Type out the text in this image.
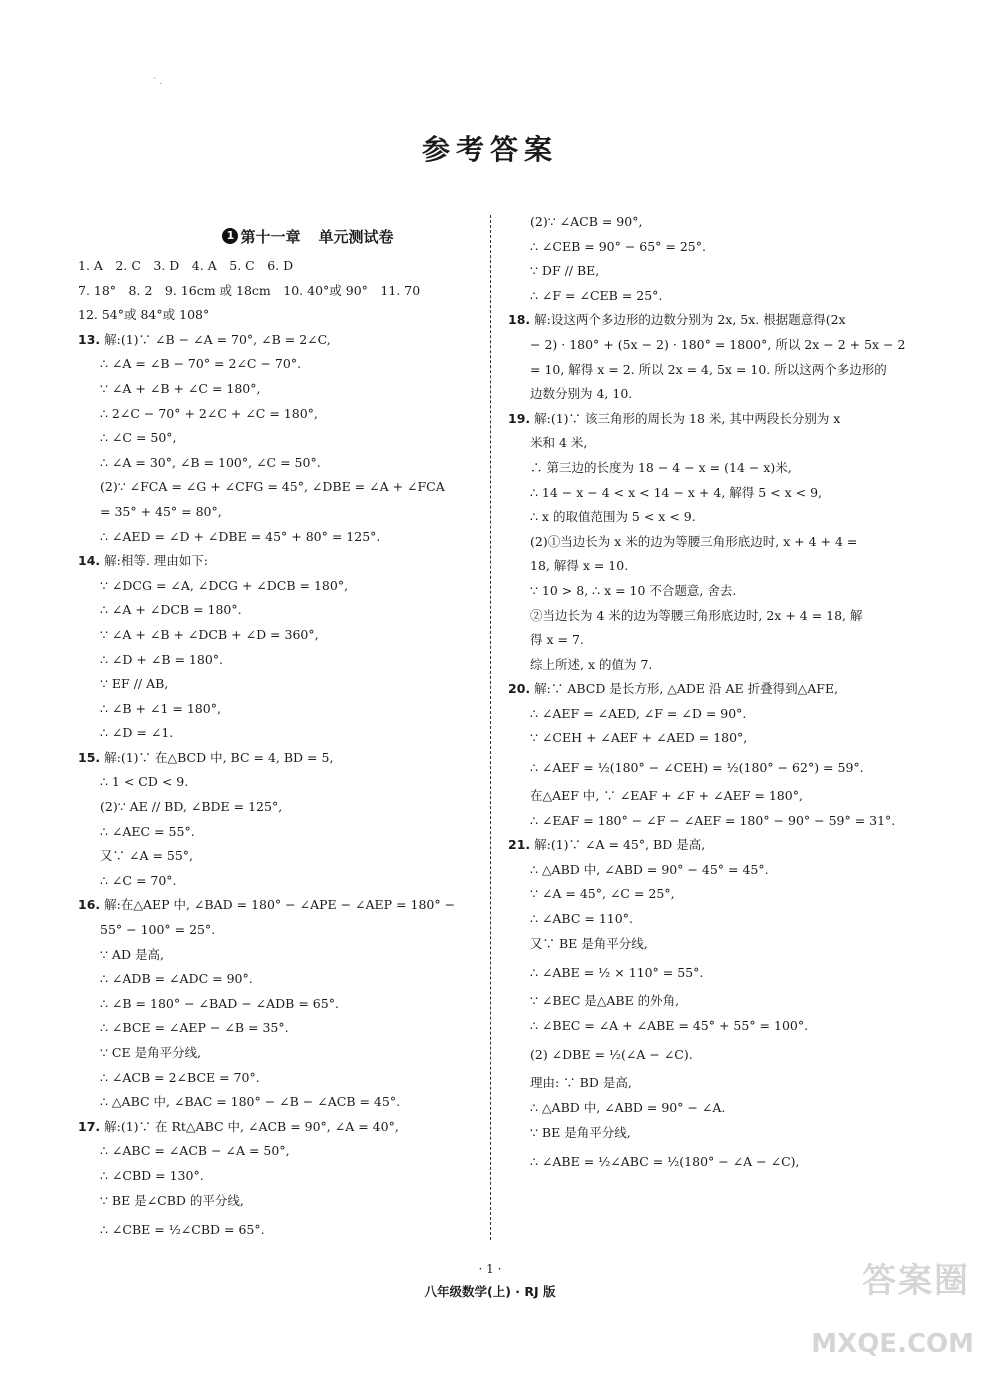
` .
参考答案
1 第十一章 单元测试卷
1. A　2. C　3. D　4. A　5. C　6. D
7. 18°　8. 2　9. 16cm 或 18cm　10. 40°或 90°　11. 70
12. 54°或 84°或 108°
13. 解:(1)∵ ∠B − ∠A = 70°, ∠B = 2∠C,
∴ ∠A = ∠B − 70° = 2∠C − 70°.
∵ ∠A + ∠B + ∠C = 180°,
∴ 2∠C − 70° + 2∠C + ∠C = 180°,
∴ ∠C = 50°,
∴ ∠A = 30°, ∠B = 100°, ∠C = 50°.
(2)∵ ∠FCA = ∠G + ∠CFG = 45°, ∠DBE = ∠A + ∠FCA
= 35° + 45° = 80°,
∴ ∠AED = ∠D + ∠DBE = 45° + 80° = 125°.
14. 解:相等. 理由如下:
∵ ∠DCG = ∠A, ∠DCG + ∠DCB = 180°,
∴ ∠A + ∠DCB = 180°.
∵ ∠A + ∠B + ∠DCB + ∠D = 360°,
∴ ∠D + ∠B = 180°.
∵ EF // AB,
∴ ∠B + ∠1 = 180°,
∴ ∠D = ∠1.
15. 解:(1)∵ 在△BCD 中, BC = 4, BD = 5,
∴ 1 < CD < 9.
(2)∵ AE // BD, ∠BDE = 125°,
∴ ∠AEC = 55°.
又∵ ∠A = 55°,
∴ ∠C = 70°.
16. 解:在△AEP 中, ∠BAD = 180° − ∠APE − ∠AEP = 180° −
55° − 100° = 25°.
∵ AD 是高,
∴ ∠ADB = ∠ADC = 90°.
∴ ∠B = 180° − ∠BAD − ∠ADB = 65°.
∴ ∠BCE = ∠AEP − ∠B = 35°.
∵ CE 是角平分线,
∴ ∠ACB = 2∠BCE = 70°.
∴ △ABC 中, ∠BAC = 180° − ∠B − ∠ACB = 45°.
17. 解:(1)∵ 在 Rt△ABC 中, ∠ACB = 90°, ∠A = 40°,
∴ ∠ABC = ∠ACB − ∠A = 50°,
∴ ∠CBD = 130°.
∵ BE 是∠CBD 的平分线,
∴ ∠CBE = ½∠CBD = 65°.
(2)∵ ∠ACB = 90°,
∴ ∠CEB = 90° − 65° = 25°.
∵ DF // BE,
∴ ∠F = ∠CEB = 25°.
18. 解:设这两个多边形的边数分别为 2x, 5x. 根据题意得(2x
− 2) · 180° + (5x − 2) · 180° = 1800°, 所以 2x − 2 + 5x − 2
= 10, 解得 x = 2. 所以 2x = 4, 5x = 10. 所以这两个多边形的
边数分别为 4, 10.
19. 解:(1)∵ 该三角形的周长为 18 米, 其中两段长分别为 x
米和 4 米,
∴ 第三边的长度为 18 − 4 − x = (14 − x)米,
∴ 14 − x − 4 < x < 14 − x + 4, 解得 5 < x < 9,
∴ x 的取值范围为 5 < x < 9.
(2)①当边长为 x 米的边为等腰三角形底边时, x + 4 + 4 =
18, 解得 x = 10.
∵ 10 > 8, ∴ x = 10 不合题意, 舍去.
②当边长为 4 米的边为等腰三角形底边时, 2x + 4 = 18, 解
得 x = 7.
综上所述, x 的值为 7.
20. 解:∵ ABCD 是长方形, △ADE 沿 AE 折叠得到△AFE,
∴ ∠AEF = ∠AED, ∠F = ∠D = 90°.
∵ ∠CEH + ∠AEF + ∠AED = 180°,
∴ ∠AEF = ½(180° − ∠CEH) = ½(180° − 62°) = 59°.
在△AEF 中, ∵ ∠EAF + ∠F + ∠AEF = 180°,
∴ ∠EAF = 180° − ∠F − ∠AEF = 180° − 90° − 59° = 31°.
21. 解:(1)∵ ∠A = 45°, BD 是高,
∴ △ABD 中, ∠ABD = 90° − 45° = 45°.
∵ ∠A = 45°, ∠C = 25°,
∴ ∠ABC = 110°.
又∵ BE 是角平分线,
∴ ∠ABE = ½ × 110° = 55°.
∵ ∠BEC 是△ABE 的外角,
∴ ∠BEC = ∠A + ∠ABE = 45° + 55° = 100°.
(2) ∠DBE = ½(∠A − ∠C).
理由: ∵ BD 是高,
∴ △ABD 中, ∠ABD = 90° − ∠A.
∵ BE 是角平分线,
∴ ∠ABE = ½∠ABC = ½(180° − ∠A − ∠C),
· 1 ·
八年级数学(上) · RJ 版	答案圈
MXQE.COM
